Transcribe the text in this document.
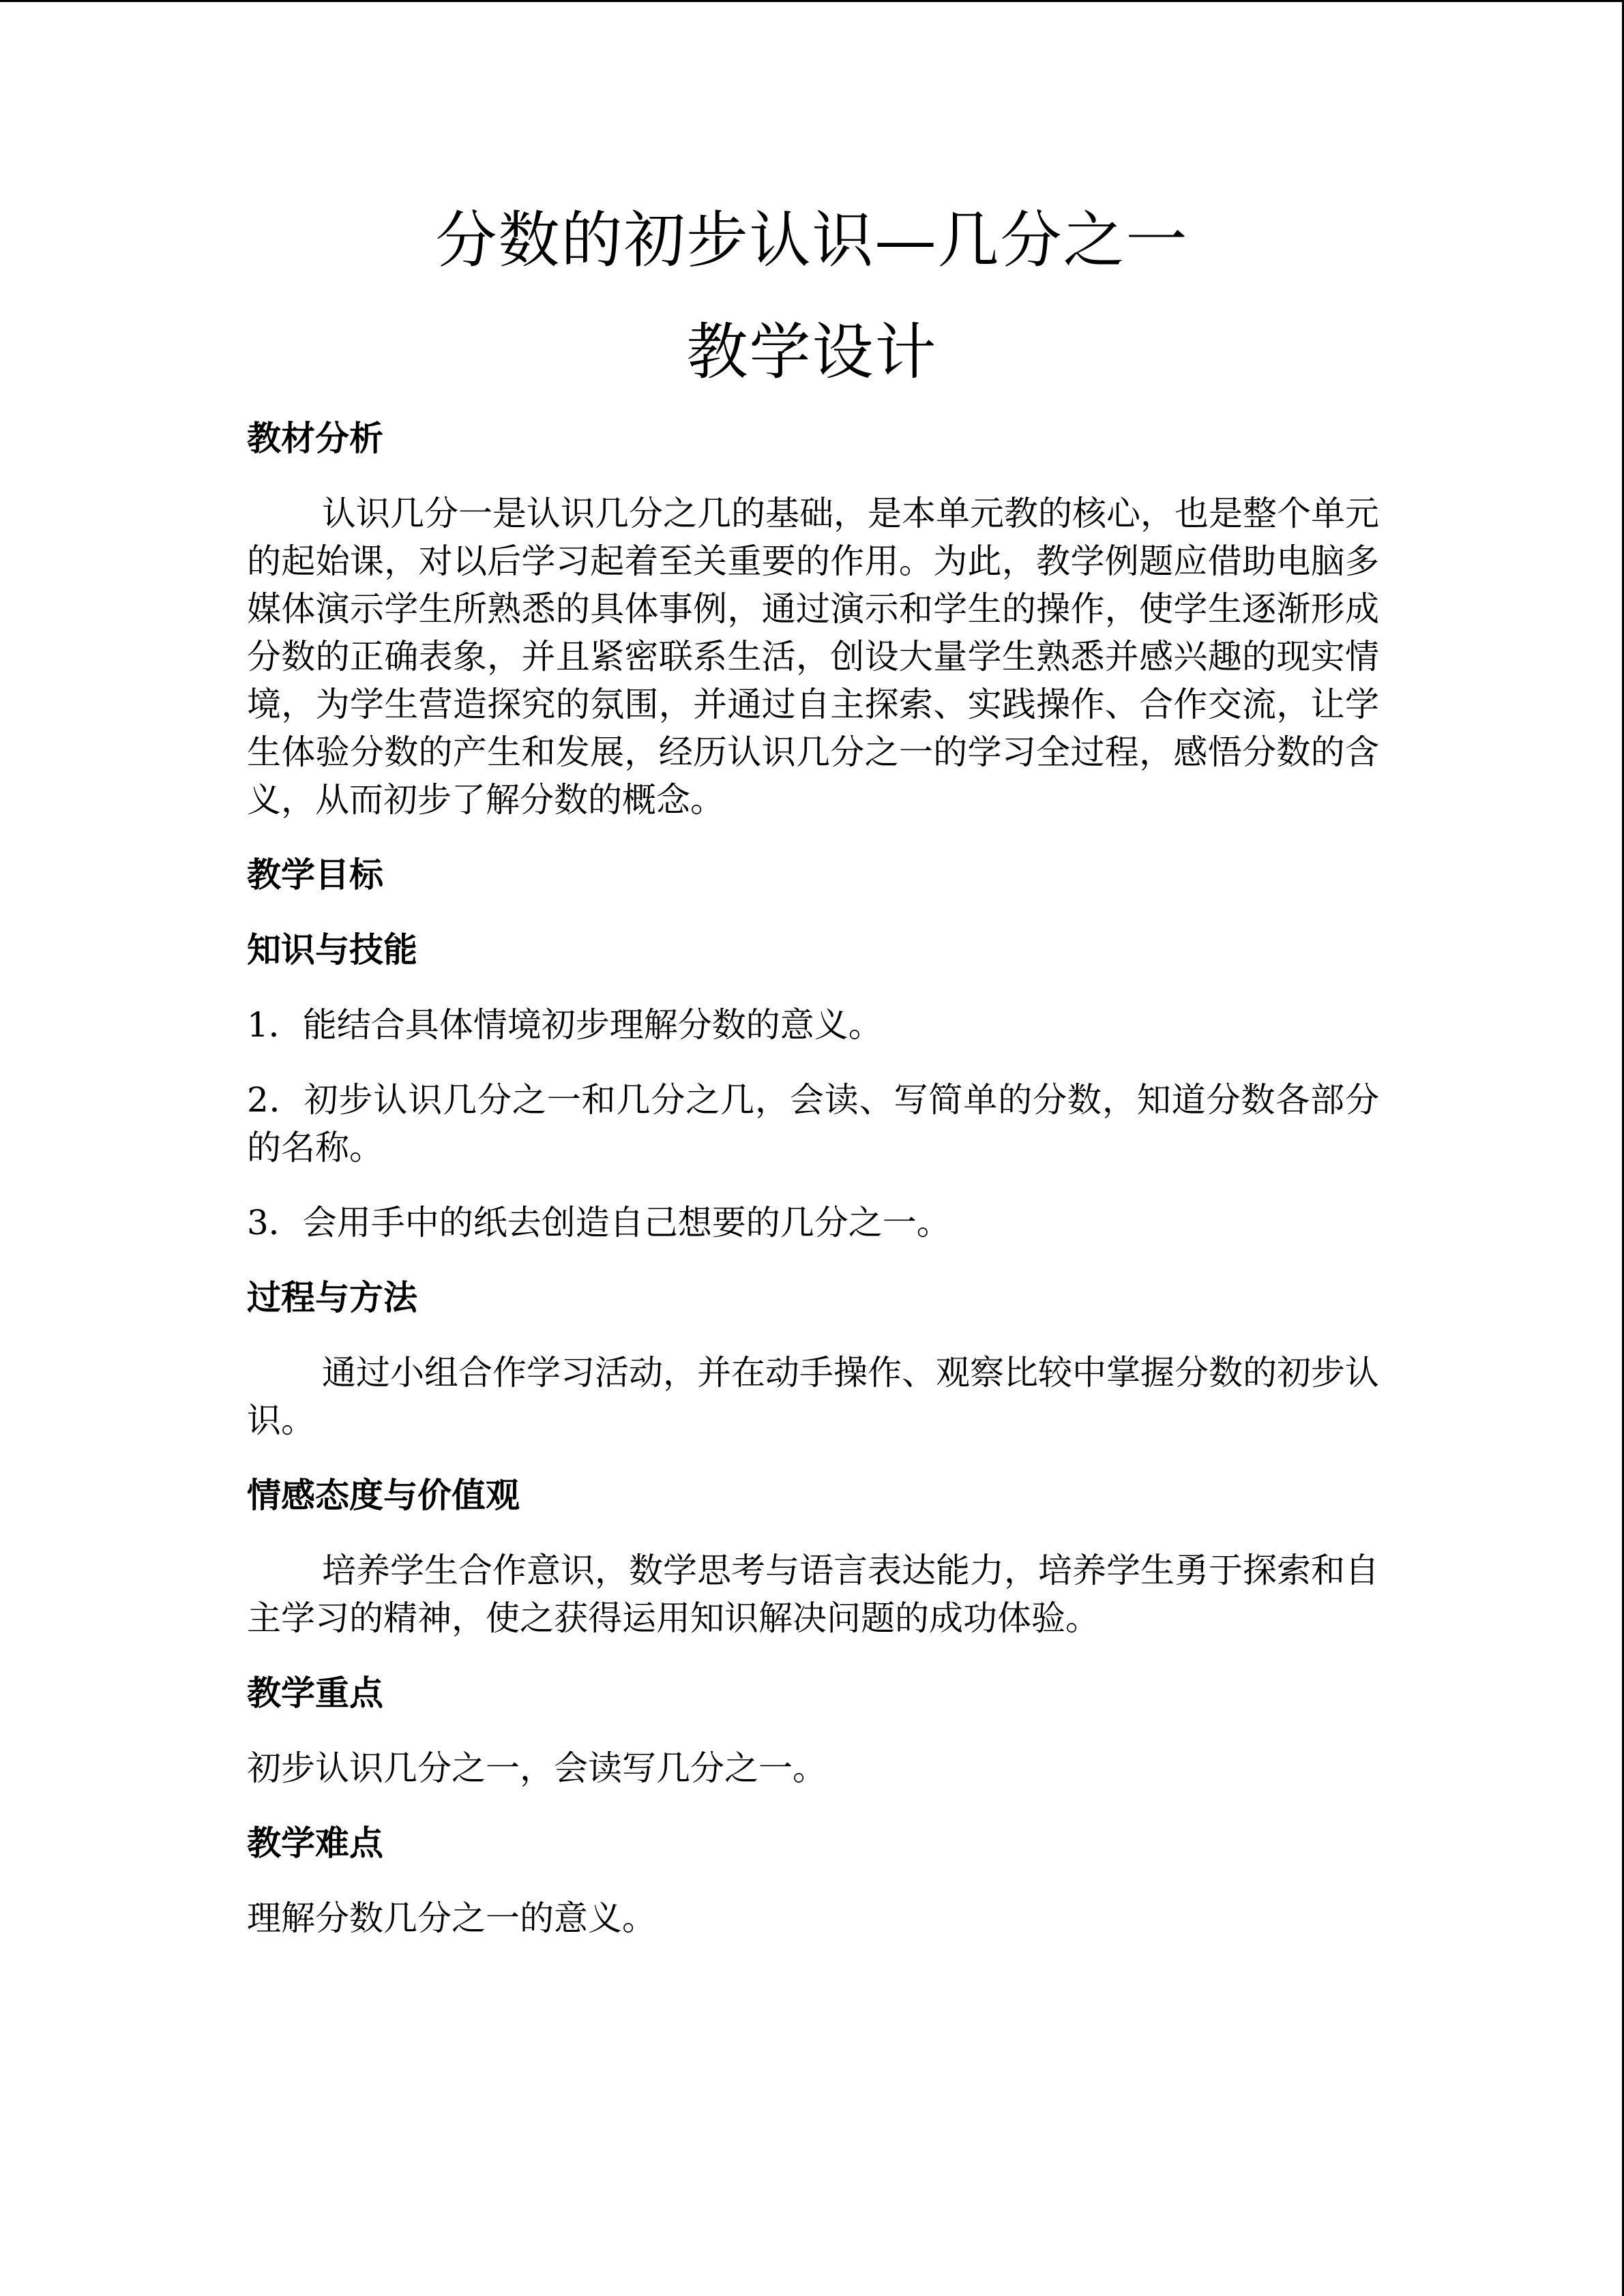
分数的初步认识—几分之一
教学设计
教材分析
认识几分一是认识几分之几的基础，是本单元教的核心，也是整个单元的起始课，对以后学习起着至关重要的作用。为此，教学例题应借助电脑多媒体演示学生所熟悉的具体事例，通过演示和学生的操作，使学生逐渐形成分数的正确表象，并且紧密联系生活，创设大量学生熟悉并感兴趣的现实情境，为学生营造探究的氛围，并通过自主探索、实践操作、合作交流，让学生体验分数的产生和发展，经历认识几分之一的学习全过程，感悟分数的含义，从而初步了解分数的概念。
教学目标
知识与技能
1．能结合具体情境初步理解分数的意义。
2．初步认识几分之一和几分之几，会读、写简单的分数，知道分数各部分的名称。
3．会用手中的纸去创造自己想要的几分之一。
过程与方法
通过小组合作学习活动，并在动手操作、观察比较中掌握分数的初步认识。
情感态度与价值观
培养学生合作意识，数学思考与语言表达能力，培养学生勇于探索和自主学习的精神，使之获得运用知识解决问题的成功体验。
教学重点
初步认识几分之一，会读写几分之一。
教学难点
理解分数几分之一的意义。
